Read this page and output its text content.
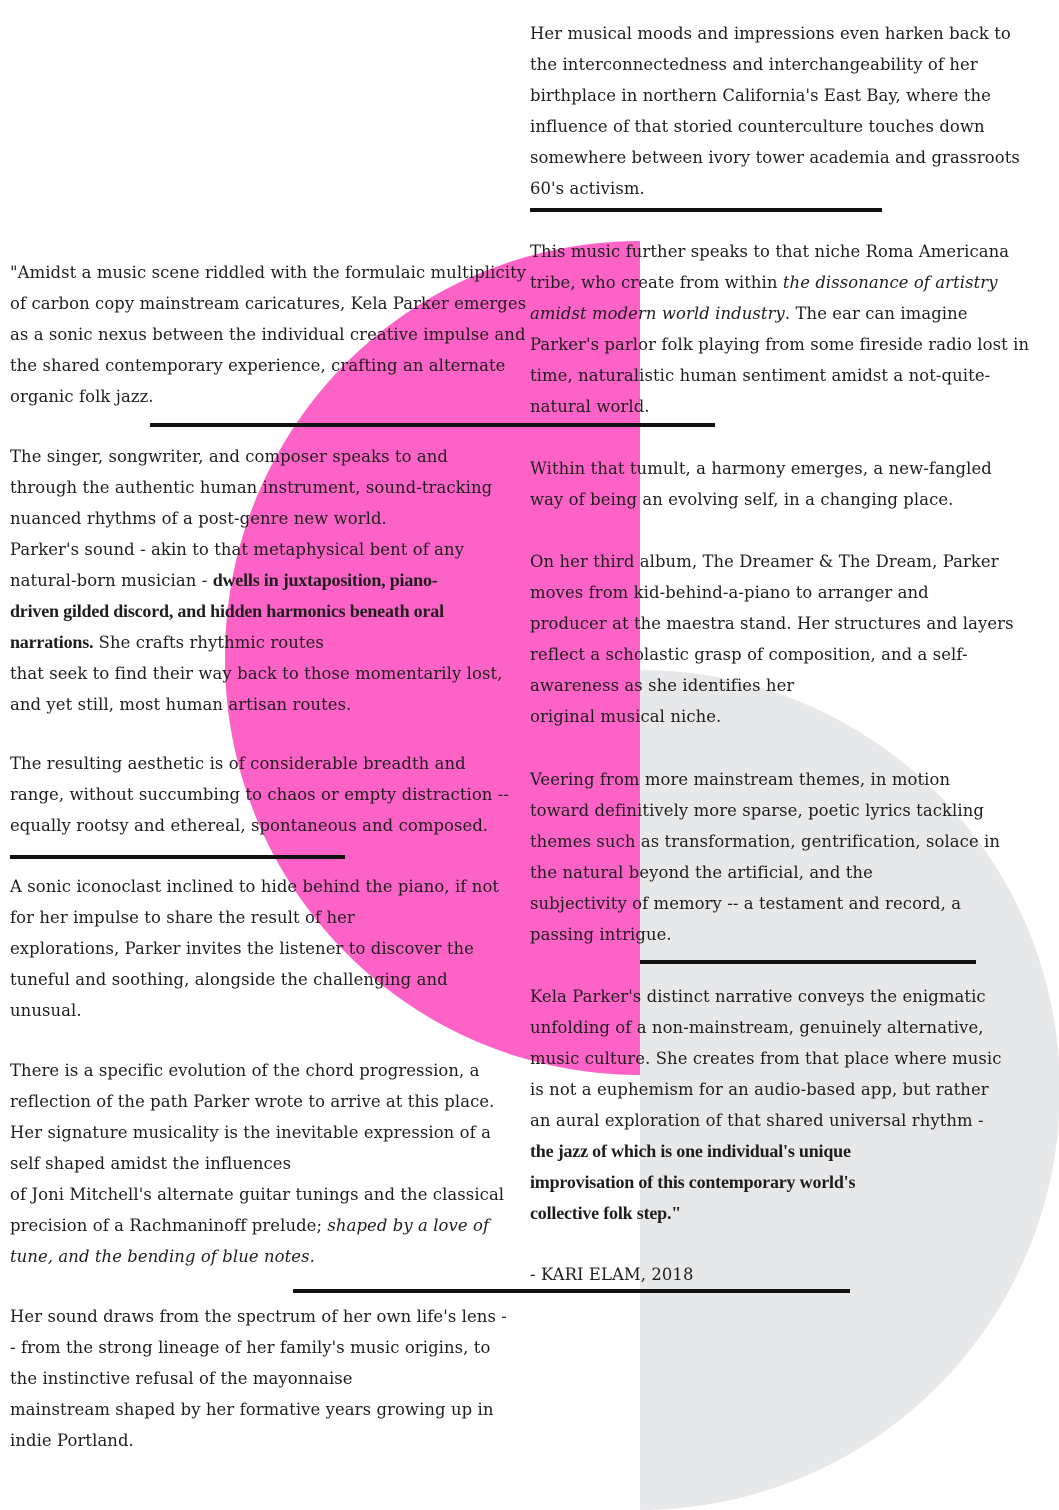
Her musical moods and impressions even harken back to the interconnectedness and interchangeability of her birthplace in northern California's East Bay, where the influence of that storied counterculture touches down somewhere between ivory tower academia and grassroots 60's activism.

This music further speaks to that niche Roma Americana tribe, who create from within the dissonance of artistry amidst modern world industry. The ear can imagine Parker's parlor folk playing from some fireside radio lost in time, naturalistic human sentiment amidst a not-quite-natural world.

Within that tumult, a harmony emerges, a new-fangled way of being an evolving self, in a changing place.

On her third album, The Dreamer & The Dream, Parker
moves from kid-behind-a-piano to arranger and
producer at the maestra stand. Her structures and layers
reflect a scholastic grasp of composition, and a self-
awareness as she identifies her
original musical niche.
Veering from more mainstream themes, in motion
toward definitively more sparse, poetic lyrics tackling
themes such as transformation, gentrification, solace in
the natural beyond the artificial, and the
subjectivity of memory -- a testament and record, a
passing intrigue.
Kela Parker's distinct narrative conveys the enigmatic
unfolding of a non-mainstream, genuinely alternative,
music culture. She creates from that place where music
is not a euphemism for an audio-based app, but rather
an aural exploration of that shared universal rhythm -
the jazz of which is one individual's unique
improvisation of this contemporary world's
collective folk step."
- KARI ELAM, 2018

"Amidst a music scene riddled with the formulaic multiplicity of carbon copy mainstream caricatures, Kela Parker emerges as a sonic nexus between the individual creative impulse and the shared contemporary experience, crafting an alternate organic folk jazz.

The singer, songwriter, and composer speaks to and
through the authentic human instrument, sound-tracking
nuanced rhythms of a post-genre new world.
Parker's sound - akin to that metaphysical bent of any
natural-born musician - dwells in juxtaposition, piano-
driven gilded discord, and hidden harmonics beneath oral
narrations. She crafts rhythmic routes
that seek to find their way back to those momentarily lost,
and yet still, most human artisan routes.

The resulting aesthetic is of considerable breadth and range, without succumbing to chaos or empty distraction -- equally rootsy and ethereal, spontaneous and composed.

A sonic iconoclast inclined to hide behind the piano, if not
for her impulse to share the result of her
explorations, Parker invites the listener to discover the
tuneful and soothing, alongside the challenging and
unusual.
There is a specific evolution of the chord progression, a
reflection of the path Parker wrote to arrive at this place.
Her signature musicality is the inevitable expression of a
self shaped amidst the influences
of Joni Mitchell's alternate guitar tunings and the classical
precision of a Rachmaninoff prelude; shaped by a love of
tune, and the bending of blue notes.
Her sound draws from the spectrum of her own life's lens -
- from the strong lineage of her family's music origins, to
the instinctive refusal of the mayonnaise
mainstream shaped by her formative years growing up in
indie Portland.
